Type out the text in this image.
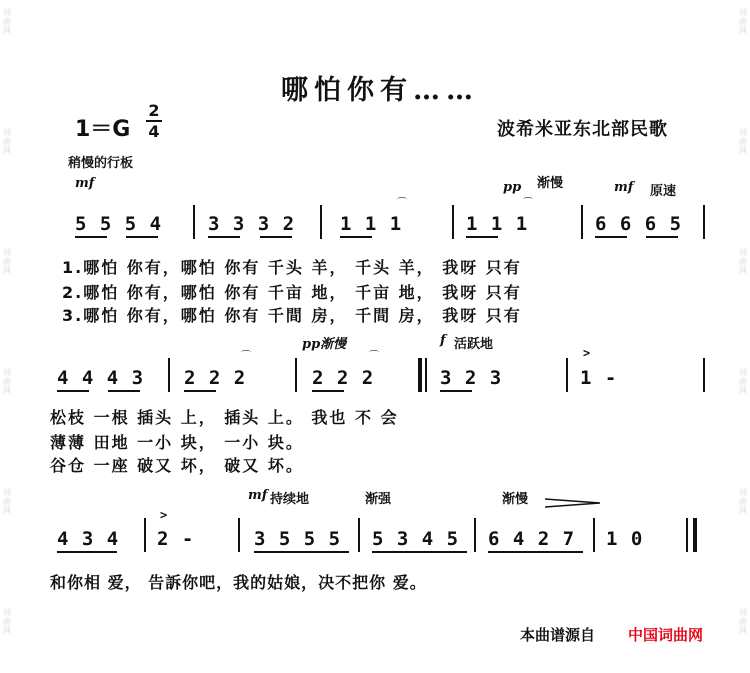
词
曲
网
词
曲
网
词
曲
网
词
曲
网
词
曲
网
词
曲
网
词
曲
网
词
曲
网
词
曲
网
词
曲
网
词
曲
网
词
曲
网
哪怕你有……
1＝G
2
4	波希米亚东北部民歌
稍慢的行板
mf	pp 渐慢	mf 原速
5 5 5 4 3 3 3 2 1 1 1
⌒
1 1 1
⌒
6 6 6 5
1.哪怕 你有，哪怕 你有 千头 羊， 千头 羊， 我呀 只有
2.哪怕 你有，哪怕 你有 千亩 地， 千亩 地， 我呀 只有
3.哪怕 你有，哪怕 你有 千間 房， 千間 房， 我呀 只有
pp渐慢	f 活跃地
4 4 4 3 2 2 2
⌒
2 2 2
⌒
3 2 3
>
1 -
松枝 一根 插头 上， 插头 上。 我也 不 会
薄薄 田地 一小 块， 一小 块。
谷仓 一座 破又 坏， 破又 坏。
mf 持续地	渐强	渐慢
4 3 4
>
2 -	3 5 5 5 5 3 4 5 6 4 2 7 1 0
和你相 爱， 告訴你吧，我的姑娘，决不把你 爱。
本曲谱源自 中国词曲网
